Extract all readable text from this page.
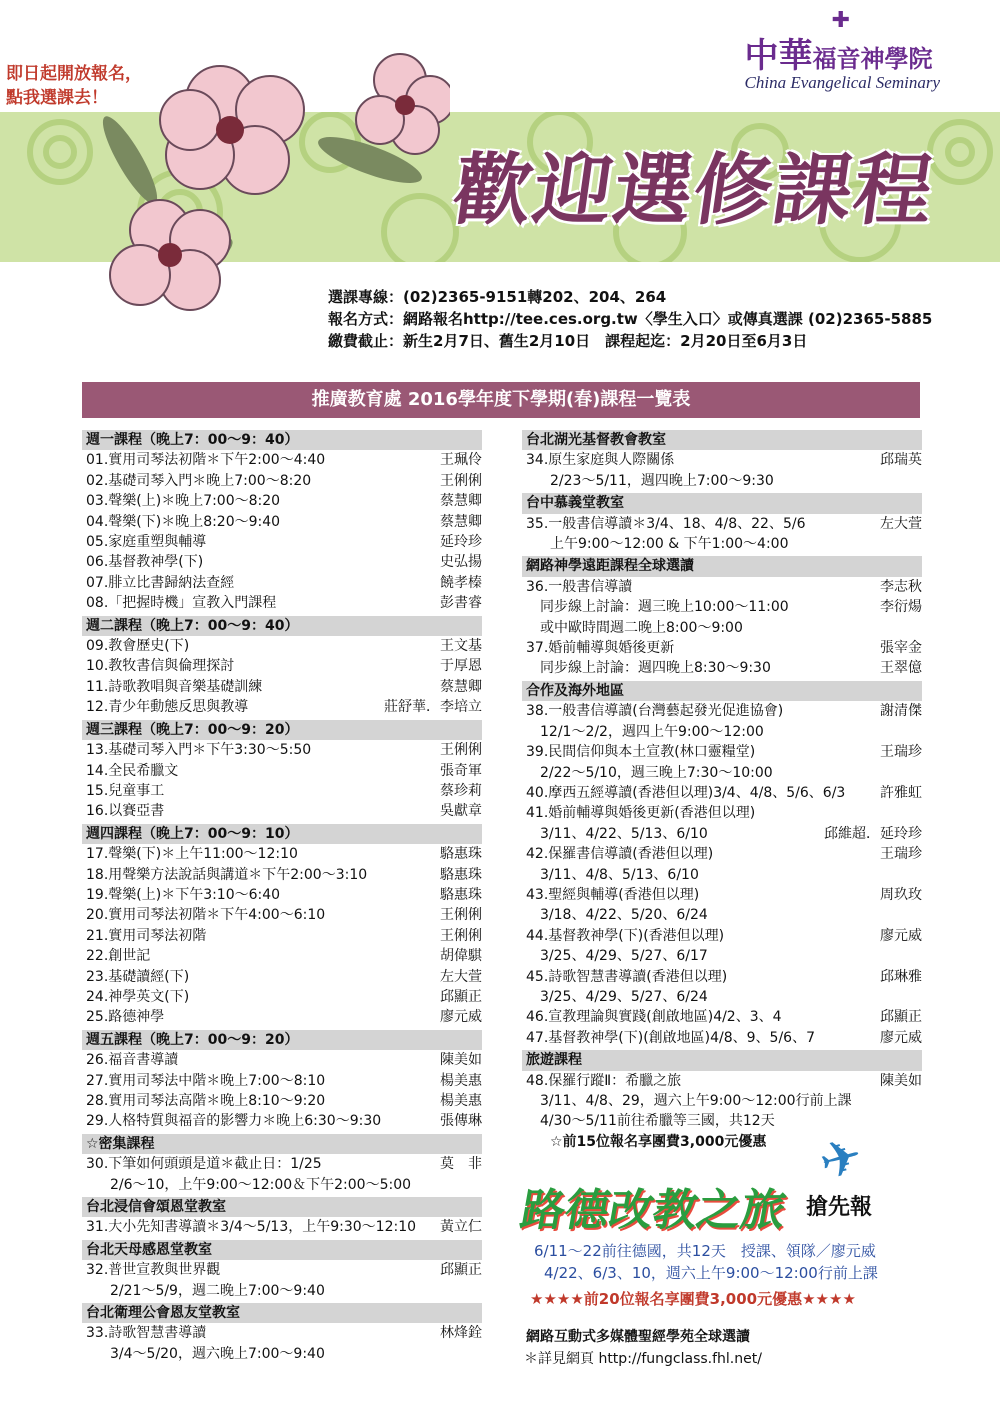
即日起開放報名，
點我選課去！
✚
中華福音神學院
China Evangelical Seminary
歡迎選修課程
選課專線：(02)2365-9151轉202、204、264
報名方式：網路報名http://tee.ces.org.tw〈學生入口〉或傳真選課 (02)2365-5885
繳費截止：新生2月7日、舊生2月10日　課程起迄：2月20日至6月3日
推廣教育處 2016學年度下學期(春)課程一覽表
週一課程（晚上7：00～9：40）
01.實用司琴法初階＊下午2:00～4:40	王珮伶
02.基礎司琴入門＊晚上7:00～8:20	王俐俐
03.聲樂(上)＊晚上7:00～8:20	蔡慧卿
04.聲樂(下)＊晚上8:20～9:40	蔡慧卿
05.家庭重塑與輔導	延玲珍
06.基督教神學(下)	史弘揚
07.腓立比書歸納法查經	饒孝榛
08.「把握時機」宣教入門課程	彭書睿
週二課程（晚上7：00～9：40）
09.教會歷史(下)	王文基
10.教牧書信與倫理探討	于厚恩
11.詩歌教唱與音樂基礎訓練	蔡慧卿
12.青少年動態反思與教導	莊舒華．李培立
週三課程（晚上7：00～9：20）
13.基礎司琴入門＊下午3:30～5:50	王俐俐
14.全民希臘文	張奇軍
15.兒童事工	蔡珍莉
16.以賽亞書	吳獻章
週四課程（晚上7：00～9：10）
17.聲樂(下)＊上午11:00～12:10	駱惠珠
18.用聲樂方法說話與講道＊下午2:00～3:10	駱惠珠
19.聲樂(上)＊下午3:10～6:40	駱惠珠
20.實用司琴法初階＊下午4:00～6:10	王俐俐
21.實用司琴法初階	王俐俐
22.創世記	胡偉騏
23.基礎讀經(下)	左大萱
24.神學英文(下)	邱顯正
25.路德神學	廖元威
週五課程（晚上7：00～9：20）
26.福音書導讀	陳美如
27.實用司琴法中階＊晚上7:00～8:10	楊美惠
28.實用司琴法高階＊晚上8:10～9:20	楊美惠
29.人格特質與福音的影響力＊晚上6:30～9:30	張傳琳
☆密集課程
30.下筆如何頭頭是道＊截止日：1/25	莫　非
2/6～10，上午9:00～12:00＆下午2:00～5:00
台北浸信會頌恩堂教室
31.大小先知書導讀＊3/4～5/13，上午9:30～12:10 黃立仁
台北天母感恩堂教室
32.普世宣教與世界觀	邱顯正
2/21～5/9，週二晚上7:00～9:40
台北衛理公會恩友堂教室
33.詩歌智慧書導讀	林烽銓
3/4～5/20，週六晚上7:00～9:40
台北湖光基督教會教室
34.原生家庭與人際關係	邱瑞英
2/23～5/11，週四晚上7:00～9:30
台中慕義堂教室
35.一般書信導讀＊3/4、18、4/8、22、5/6	左大萱
上午9:00～12:00 & 下午1:00～4:00
網路神學遠距課程全球選讀
36.一般書信導讀	李志秋
　同步線上討論：週三晚上10:00～11:00	李衍煬
　或中歐時間週二晚上8:00～9:00
37.婚前輔導與婚後更新	張宰金
　同步線上討論：週四晚上8:30～9:30	王翠億
合作及海外地區
38.一般書信導讀(台灣藝起發光促進協會)	謝清傑
　12/1～2/2，週四上午9:00～12:00
39.民間信仰與本土宣教(林口靈糧堂)	王瑞珍
　2/22～5/10，週三晚上7:30～10:00
40.摩西五經導讀(香港但以理)3/4、4/8、5/6、6/3 許雅虹
41.婚前輔導與婚後更新(香港但以理)
　3/11、4/22、5/13、6/10	邱維超．延玲珍
42.保羅書信導讀(香港但以理)	王瑞珍
　3/11、4/8、5/13、6/10
43.聖經與輔導(香港但以理)	周玖玫
　3/18、4/22、5/20、6/24
44.基督教神學(下)(香港但以理)	廖元威
　3/25、4/29、5/27、6/17
45.詩歌智慧書導讀(香港但以理)	邱琳雅
　3/25、4/29、5/27、6/24
46.宣教理論與實踐(創啟地區)4/2、3、4	邱顯正
47.基督教神學(下)(創啟地區)4/8、9、5/6、7	廖元威
旅遊課程
48.保羅行蹤Ⅱ：希臘之旅	陳美如
　3/11、4/8、29，週六上午9:00～12:00行前上課
　4/30～5/11前往希臘等三國，共12天
☆前15位報名享團費3,000元優惠 ✈
路德改教之旅 搶先報
6/11～22前往德國，共12天　授課、領隊／廖元威
4/22、6/3、10，週六上午9:00～12:00行前上課
★★★★前20位報名享團費3,000元優惠★★★★
網路互動式多媒體聖經學苑全球選讀
＊詳見網頁 http://fungclass.fhl.net/
